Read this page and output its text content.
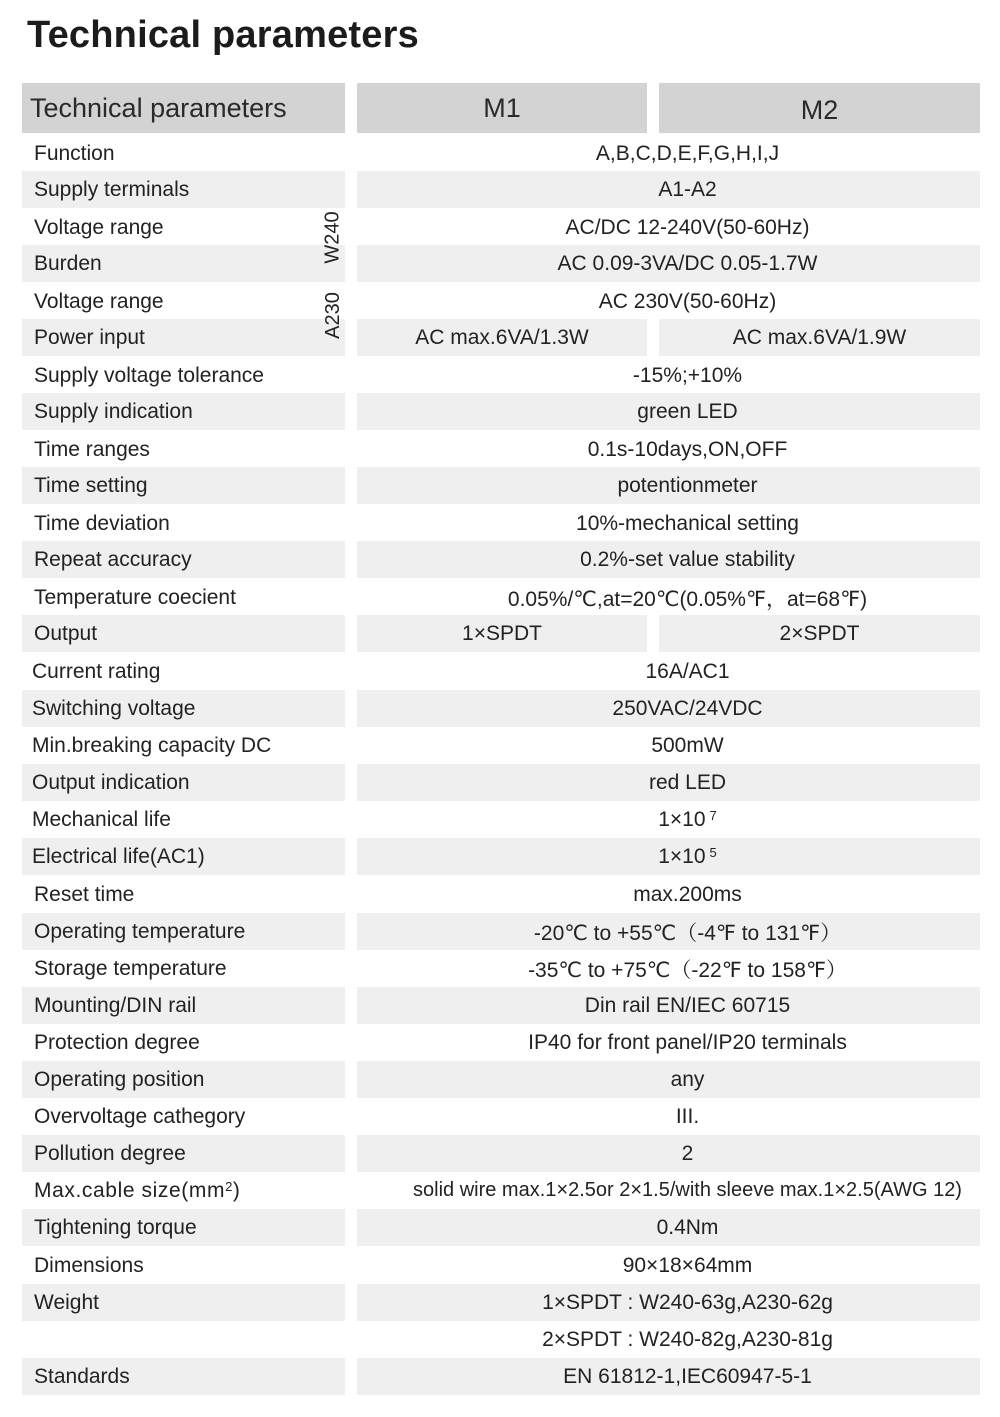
Technical parameters
Technical parameters	M1	M2
Function	A,B,C,D,E,F,G,H,I,J
Supply terminals	A1-A2
Voltage range	AC/DC 12-240V(50-60Hz)
Burden	AC 0.09-3VA/DC 0.05-1.7W
Voltage range	AC 230V(50-60Hz)
Power input	AC max.6VA/1.3W	AC max.6VA/1.9W
W240
A230
Supply voltage tolerance	-15%;+10%
Supply indication	green LED
Time ranges	0.1s-10days,ON,OFF
Time setting	potentionmeter
Time deviation	10%-mechanical setting
Repeat accuracy	0.2%-set value stability
Temperature coecient	0.05%/℃,at=20℃(0.05%℉，at=68℉)
Output	1×SPDT	2×SPDT
Current rating	16A/AC1
Switching voltage	250VAC/24VDC
Min.breaking capacity DC	500mW
Output indication	red LED
Mechanical life	1×10 $^7$
Electrical life(AC1)	1×10 $^5$
Reset time	max.200ms
Operating temperature	-20℃ to +55℃（-4℉ to 131℉）
Storage temperature	-35℃ to +75℃（-22℉ to 158℉）
Mounting/DIN rail	Din rail EN/IEC 60715
Protection degree	IP40 for front panel/IP20 terminals
Operating position	any
Overvoltage cathegory	III.
Pollution degree	2
Max.cable $size(mm^2$ )	solid wire max.1×2.5or 2×1.5/with sleeve max.1×2.5(AWG 12)
Tightening torque	0.4Nm
Dimensions	90×18×64mm
Weight	1×SPDT : W240-63g,A230-62g
2×SPDT : W240-82g,A230-81g
Standards	EN 61812-1,IEC60947-5-1
